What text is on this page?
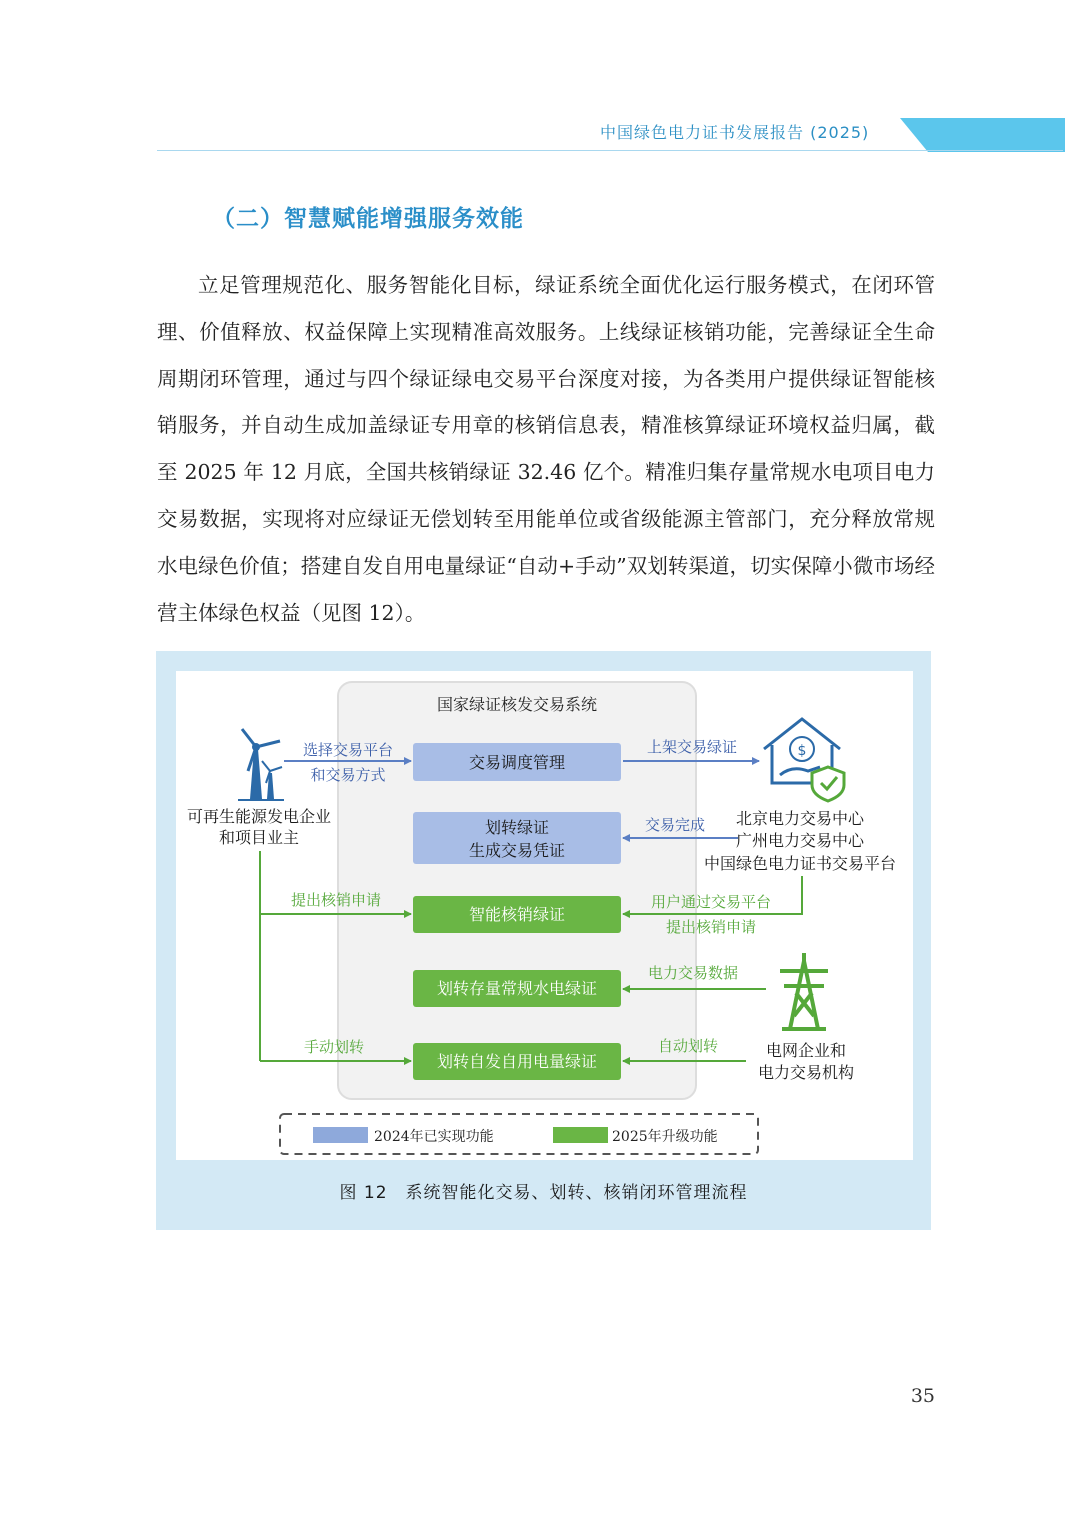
中国绿色电力证书发展报告 (2025)
（二）智慧赋能增强服务效能

立足管理规范化、服务智能化目标，绿证系统全面优化运行服务模式，在闭环管理、价值释放、权益保障上实现精准高效服务。上线绿证核销功能，完善绿证全生命周期闭环管理，通过与四个绿证绿电交易平台深度对接，为各类用户提供绿证智能核销服务，并自动生成加盖绿证专用章的核销信息表，精准核算绿证环境权益归属，截至 2025 年 12 月底，全国共核销绿证 32.46 亿个。精准归集存量常规水电项目电力交易数据，实现将对应绿证无偿划转至用能单位或省级能源主管部门，充分释放常规水电绿色价值；搭建自发自用电量绿证“自动+手动”双划转渠道，切实保障小微市场经营主体绿色权益（见图 12）。

国家绿证核发交易系统
交易调度管理
划转绿证
生成交易凭证
智能核销绿证
划转存量常规水电绿证
划转自发自用电量绿证
可再生能源发电企业
和项目业主
$
北京电力交易中心
广州电力交易中心
中国绿色电力证书交易平台
电网企业和
电力交易机构
选择交易平台
和交易方式
上架交易绿证
交易完成
提出核销申请	用户通过交易平台
提出核销申请
电力交易数据
手动划转	自动划转
2024年已实现功能	2025年升级功能
图 12　系统智能化交易、划转、核销闭环管理流程
35
